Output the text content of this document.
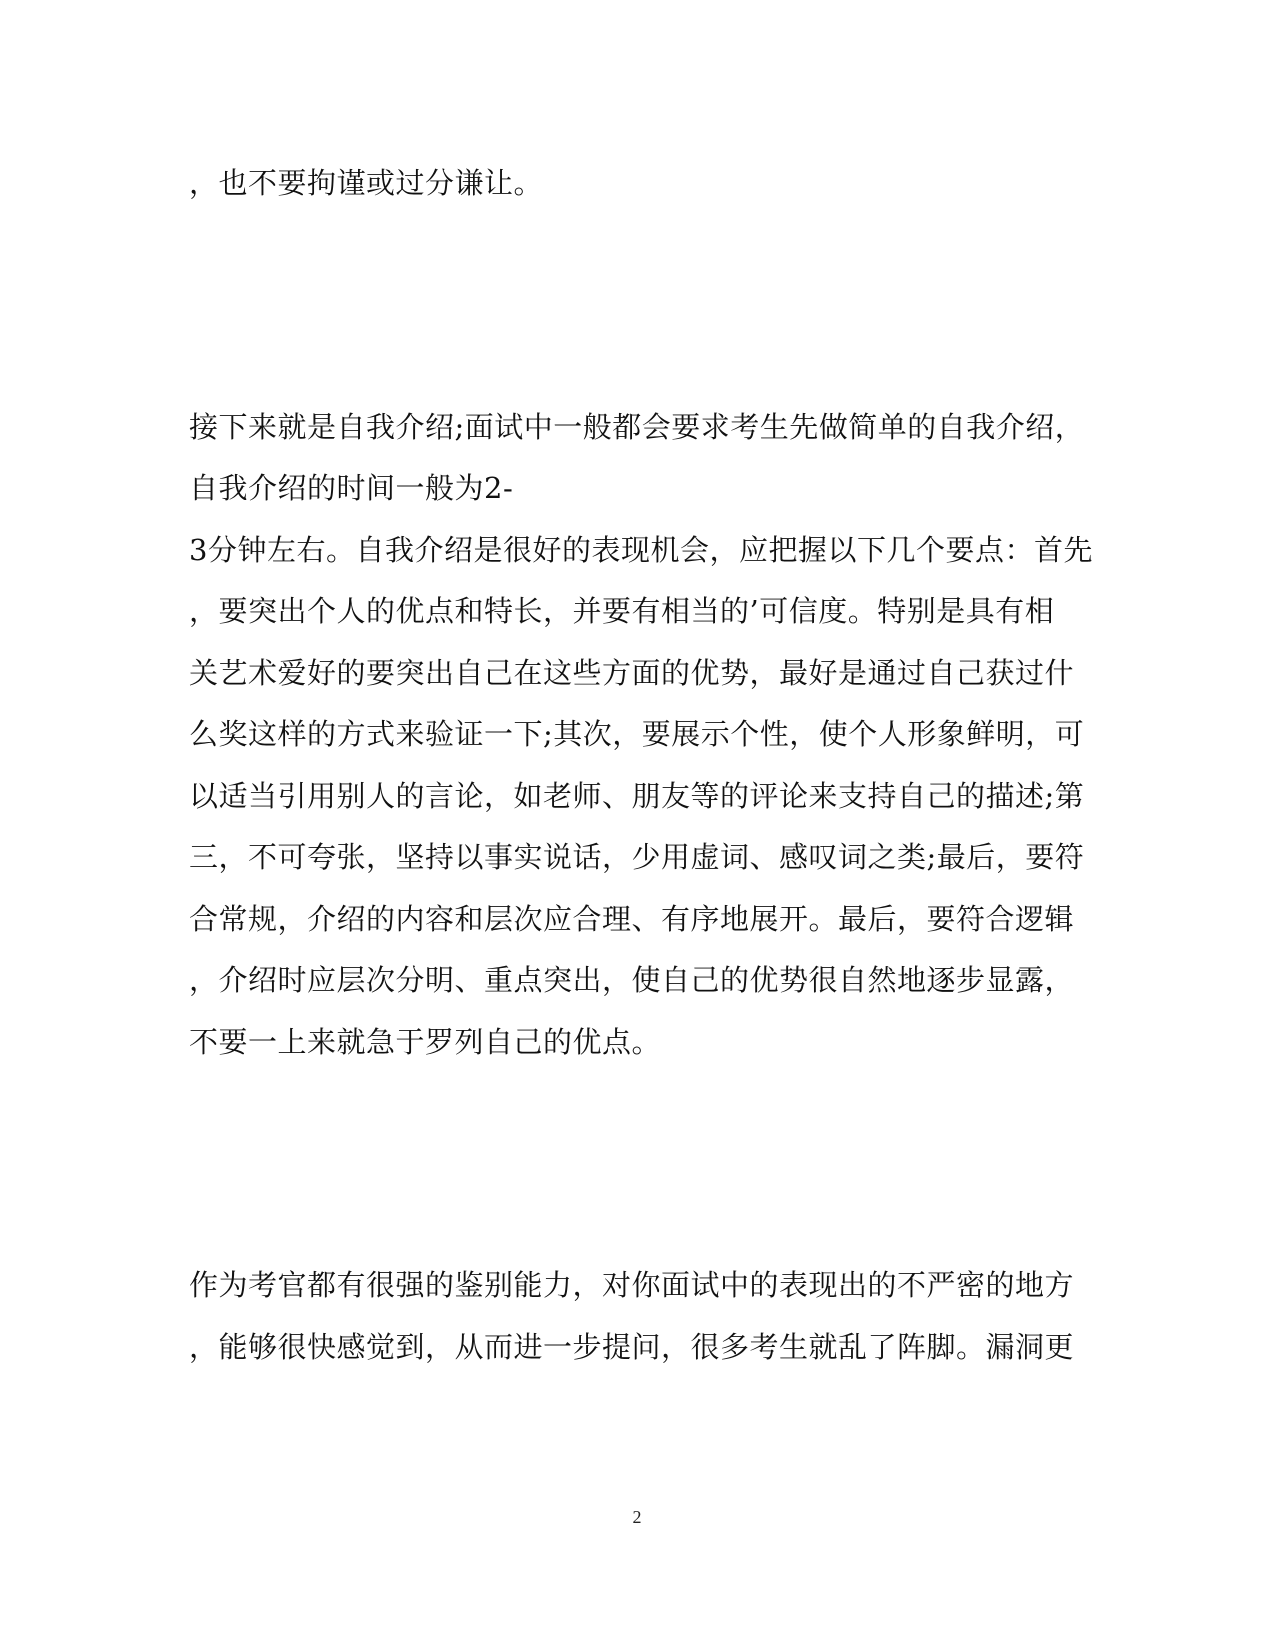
，也不要拘谨或过分谦让。
接下来就是自我介绍;面试中一般都会要求考生先做简单的自我介绍，
自我介绍的时间一般为2-
3分钟左右。自我介绍是很好的表现机会，应把握以下几个要点：首先
，要突出个人的优点和特长，并要有相当的’可信度。特别是具有相
关艺术爱好的要突出自己在这些方面的优势，最好是通过自己获过什
么奖这样的方式来验证一下;其次，要展示个性，使个人形象鲜明，可
以适当引用别人的言论，如老师、朋友等的评论来支持自己的描述;第
三，不可夸张，坚持以事实说话，少用虚词、感叹词之类;最后，要符
合常规，介绍的内容和层次应合理、有序地展开。最后，要符合逻辑
，介绍时应层次分明、重点突出，使自己的优势很自然地逐步显露，
不要一上来就急于罗列自己的优点。
作为考官都有很强的鉴别能力，对你面试中的表现出的不严密的地方
，能够很快感觉到，从而进一步提问，很多考生就乱了阵脚。漏洞更
2
